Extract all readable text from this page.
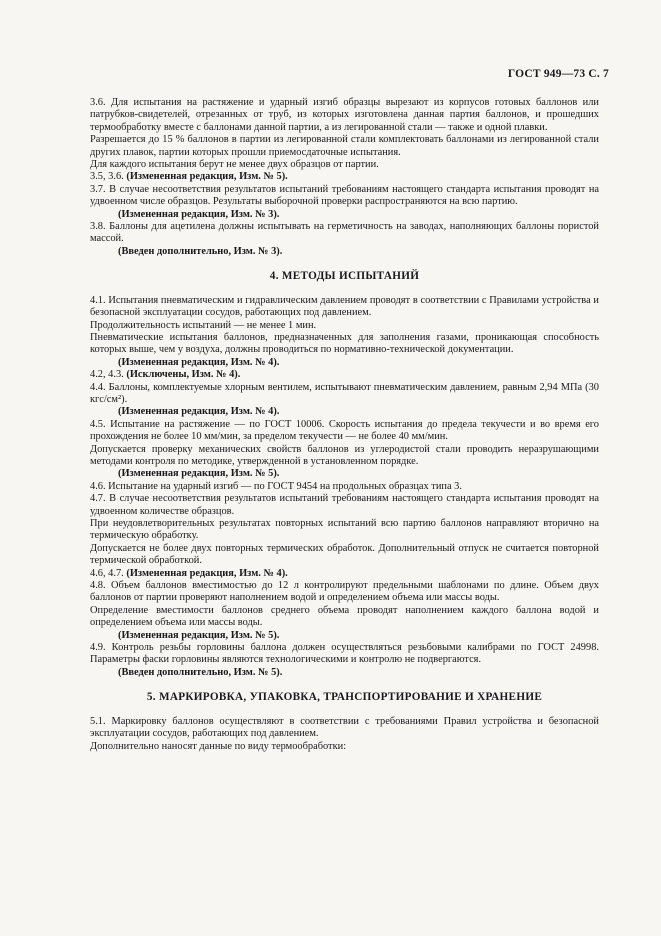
ГОСТ 949—73 С. 7

3.6. Для испытания на растяжение и ударный изгиб образцы вырезают из корпусов готовых баллонов или патрубков-свидетелей, отрезанных от труб, из которых изготовлена данная партия баллонов, и прошедших термообработку вместе с баллонами данной партии, а из легированной стали — также и одной плавки.

Разрешается до 15 % баллонов в партии из легированной стали комплектовать баллонами из легированной стали других плавок, партии которых прошли приемосдаточные испытания.

Для каждого испытания берут не менее двух образцов от партии.

3.5, 3.6. (Измененная редакция, Изм. № 5).

3.7. В случае несоответствия результатов испытаний требованиям настоящего стандарта испытания проводят на удвоенном числе образцов. Результаты выборочной проверки распространяются на всю партию.

(Измененная редакция, Изм. № 3).

3.8. Баллоны для ацетилена должны испытывать на герметичность на заводах, наполняющих баллоны пористой массой.

(Введен дополнительно, Изм. № 3).

4. МЕТОДЫ ИСПЫТАНИЙ

4.1. Испытания пневматическим и гидравлическим давлением проводят в соответствии с Правилами устройства и безопасной эксплуатации сосудов, работающих под давлением.

Продолжительность испытаний — не менее 1 мин.

Пневматические испытания баллонов, предназначенных для заполнения газами, проникающая способность которых выше, чем у воздуха, должны проводиться по нормативно-технической документации.

(Измененная редакция, Изм. № 4).

4.2, 4.3. (Исключены, Изм. № 4).

4.4. Баллоны, комплектуемые хлорным вентилем, испытывают пневматическим давлением, равным 2,94 МПа (30 кгс/см²).

(Измененная редакция, Изм. № 4).

4.5. Испытание на растяжение — по ГОСТ 10006. Скорость испытания до предела текучести и во время его прохождения не более 10 мм/мин, за пределом текучести — не более 40 мм/мин.

Допускается проверку механических свойств баллонов из углеродистой стали проводить неразрушающими методами контроля по методике, утвержденной в установленном порядке.

(Измененная редакция, Изм. № 5).

4.6. Испытание на ударный изгиб — по ГОСТ 9454 на продольных образцах типа 3.

4.7. В случае несоответствия результатов испытаний требованиям настоящего стандарта испытания проводят на удвоенном количестве образцов.

При неудовлетворительных результатах повторных испытаний всю партию баллонов направляют вторично на термическую обработку.

Допускается не более двух повторных термических обработок. Дополнительный отпуск не считается повторной термической обработкой.

4.6, 4.7. (Измененная редакция, Изм. № 4).

4.8. Объем баллонов вместимостью до 12 л контролируют предельными шаблонами по длине. Объем двух баллонов от партии проверяют наполнением водой и определением объема или массы воды.

Определение вместимости баллонов среднего объема проводят наполнением каждого баллона водой и определением объема или массы воды.

(Измененная редакция, Изм. № 5).

4.9. Контроль резьбы горловины баллона должен осуществляться резьбовыми калибрами по ГОСТ 24998. Параметры фаски горловины являются технологическими и контролю не подвергаются.

(Введен дополнительно, Изм. № 5).

5. МАРКИРОВКА, УПАКОВКА, ТРАНСПОРТИРОВАНИЕ И ХРАНЕНИЕ

5.1. Маркировку баллонов осуществляют в соответствии с требованиями Правил устройства и безопасной эксплуатации сосудов, работающих под давлением.

Дополнительно наносят данные по виду термообработки:
